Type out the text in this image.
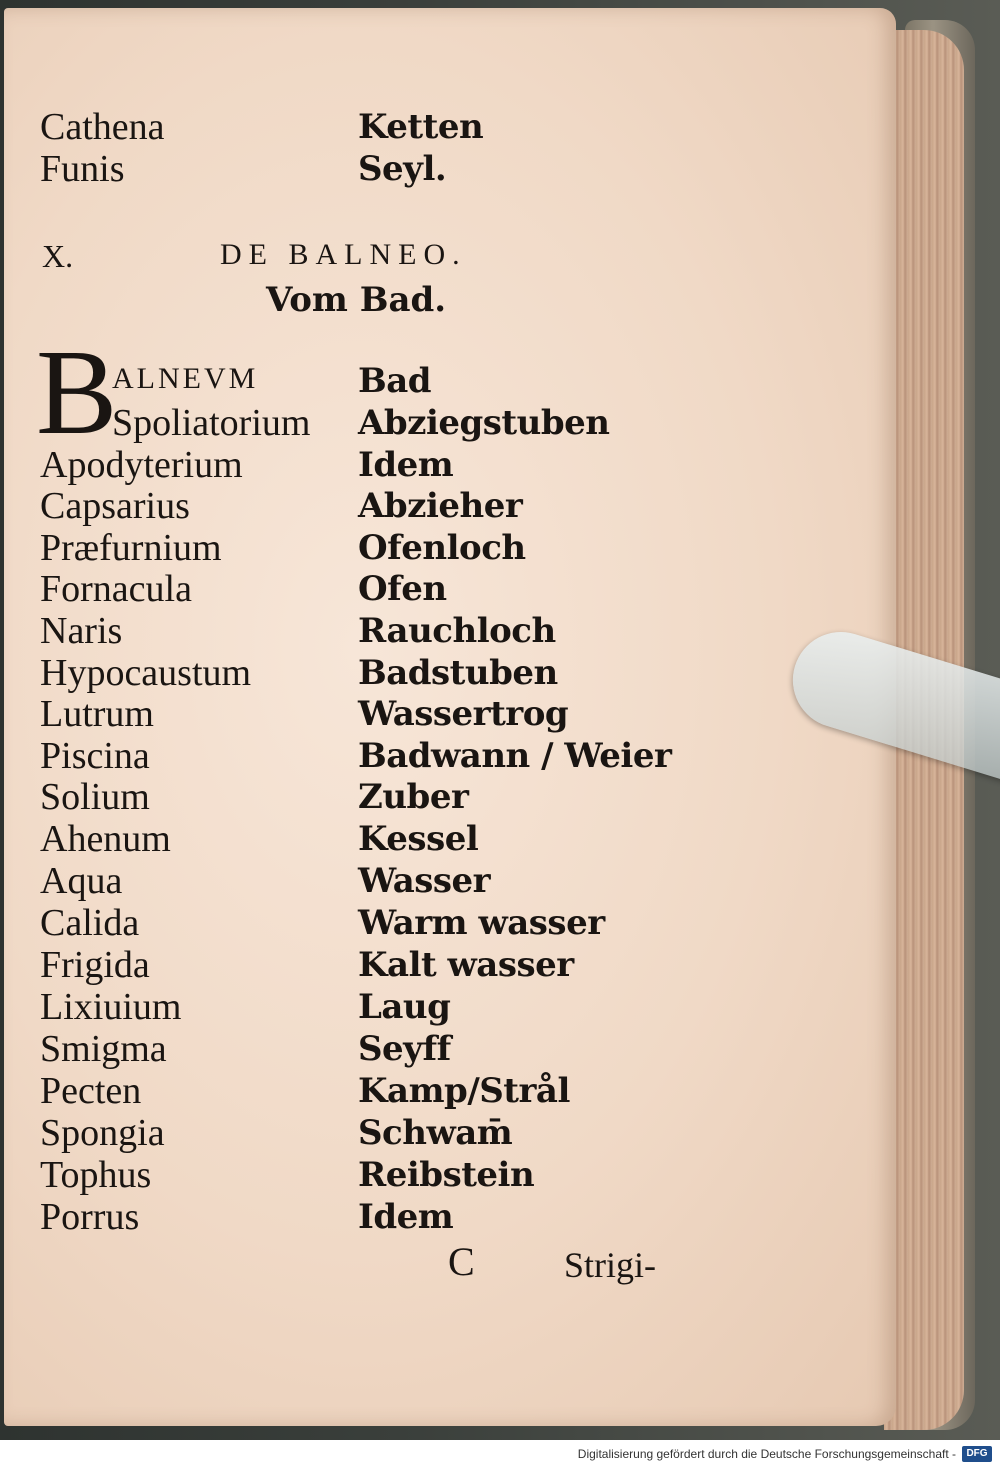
Cathena	Ketten
Funis	Seyl.
X.	DE BALNEO.
Vom Bad.
B
ALNEVM	Bad
Spoliatorium Abziegstuben
Apodyterium	Idem
Capsarius	Abzieher
Præfurnium	Ofenloch
Fornacula	Ofen
Naris	Rauchloch
Hypocaustum	Badstuben
Lutrum	Wassertrog
Piscina	Badwann / Weier
Solium	Zuber
Ahenum	Kessel
Aqua	Wasser
Calida	Warm wasser
Frigida	Kalt wasser
Lixiuium	Laug
Smigma	Seyff
Pecten	Kamp/Strål
Spongia	Schwam̄
Tophus	Reibstein
Porrus	Idem
C Strigi-
Digitalisierung gefördert durch die Deutsche Forschungsgemeinschaft -	DFG
